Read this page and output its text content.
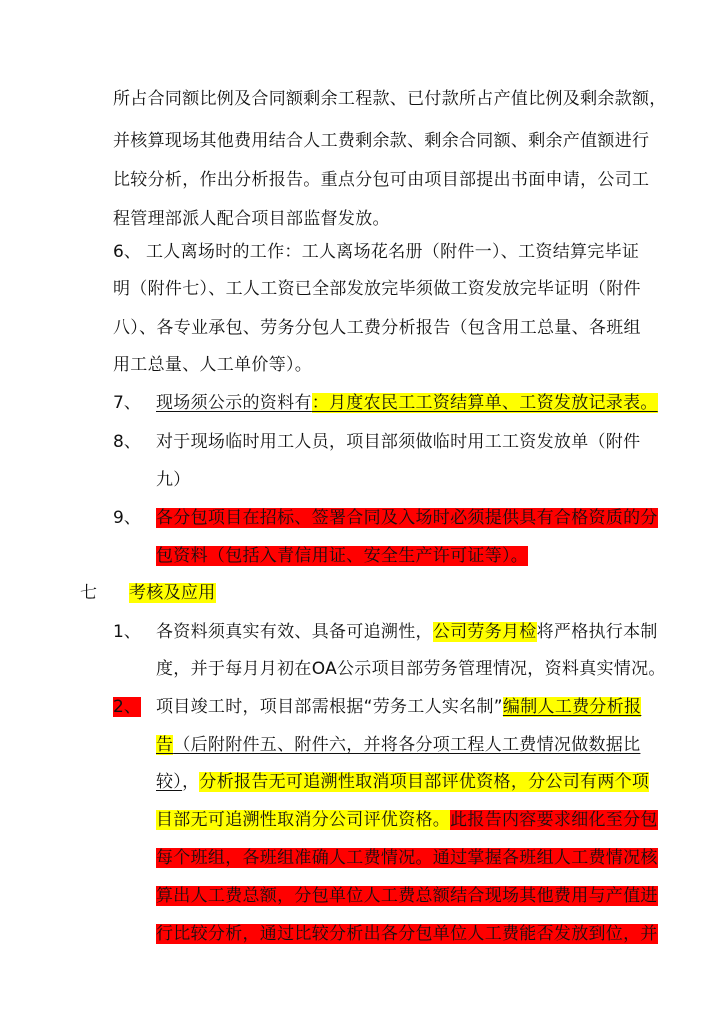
所占合同额比例及合同额剩余工程款、已付款所占产值比例及剩余款额，
并核算现场其他费用结合人工费剩余款、剩余合同额、剩余产值额进行
比较分析，作出分析报告。重点分包可由项目部提出书面申请，公司工
程管理部派人配合项目部监督发放。
6、 工人离场时的工作：工人离场花名册（附件一）、工资结算完毕证
明（附件七）、工人工资已全部发放完毕须做工资发放完毕证明（附件
八）、各专业承包、劳务分包人工费分析报告（包含用工总量、各班组
用工总量、人工单价等）。
7、 现场须公示的资料有：月度农民工工资结算单、工资发放记录表。
8、 对于现场临时用工人员，项目部须做临时用工工资发放单（附件
九）
9、 各分包项目在招标、签署合同及入场时必须提供具有合格资质的分
包资料（包括入青信用证、安全生产许可证等）。
七 考核及应用
1、 各资料须真实有效、具备可追溯性，公司劳务月检将严格执行本制
度，并于每月月初在OA公示项目部劳务管理情况，资料真实情况。
2、 项目竣工时，项目部需根据“劳务工人实名制”编制人工费分析报
告（后附附件五、附件六，并将各分项工程人工费情况做数据比
较），分析报告无可追溯性取消项目部评优资格，分公司有两个项
目部无可追溯性取消分公司评优资格。此报告内容要求细化至分包
每个班组，各班组准确人工费情况。通过掌握各班组人工费情况核
算出人工费总额，分包单位人工费总额结合现场其他费用与产值进
行比较分析，通过比较分析出各分包单位人工费能否发放到位，并
